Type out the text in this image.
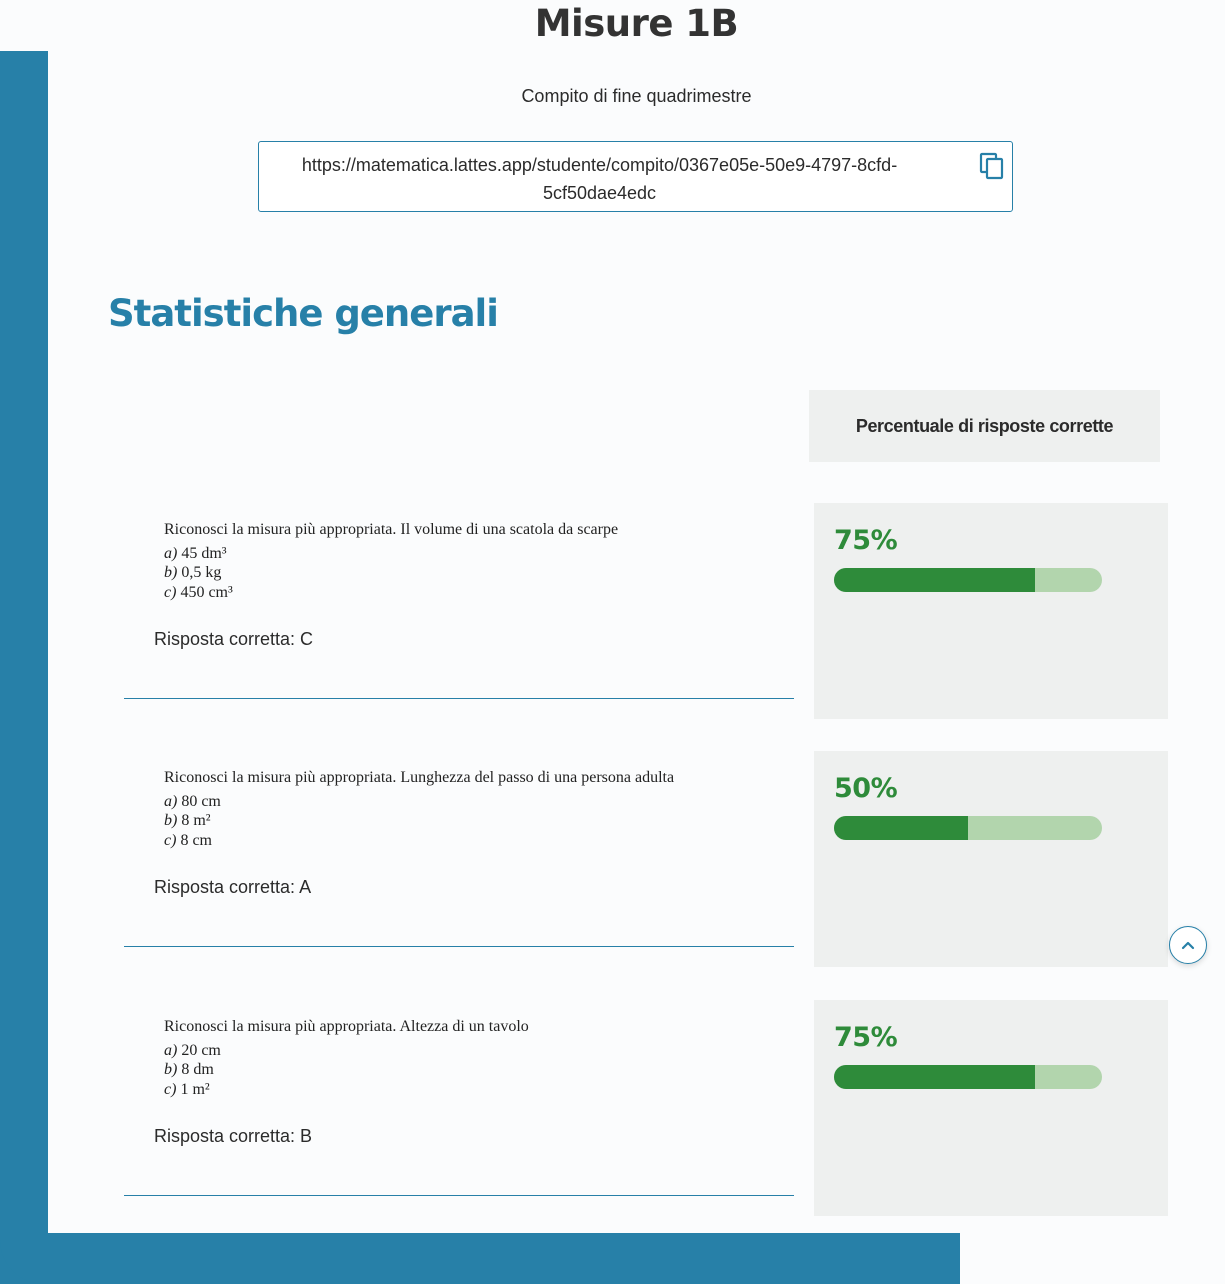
Misure 1B
Compito di fine quadrimestre
https://matematica.lattes.app/studente/compito/0367e05e-50e9-4797-8cfd-
5cf50dae4edc
Statistiche generali
Percentuale di risposte corrette
Riconosci la misura più appropriata. Il volume di una scatola da scarpe
a) 45 dm³
b) 0,5 kg
c) 450 cm³
Risposta corretta: C
75%
Riconosci la misura più appropriata. Lunghezza del passo di una persona adulta
a) 80 cm
b) 8 m²
c) 8 cm
Risposta corretta: A
50%
Riconosci la misura più appropriata. Altezza di un tavolo
a) 20 cm
b) 8 dm
c) 1 m²
Risposta corretta: B
75%
